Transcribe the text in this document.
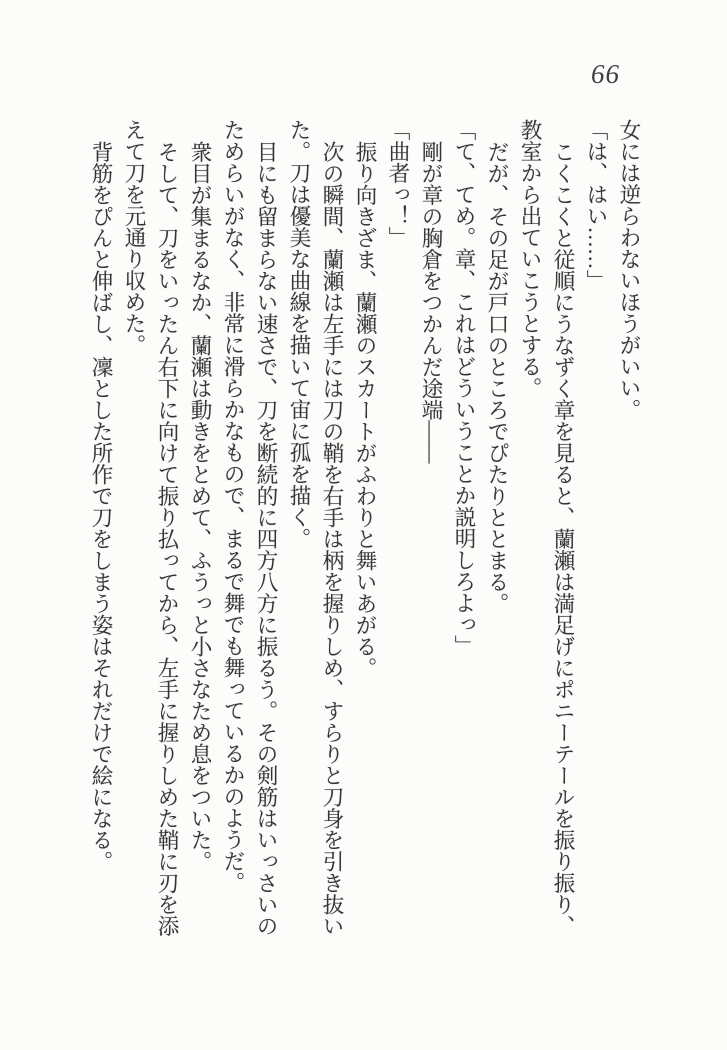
66

女には逆らわないほうがいい。

「は、はい……」

こくこくと従順にうなずく章を見ると、蘭瀬は満足げにポニーテールを振り振り、

教室から出ていこうとする。

だが、その足が戸口のところでぴたりととまる。

「て、てめ。章、これはどういうことか説明しろよっ」

剛が章の胸倉をつかんだ途端――

「曲者っ！」

振り向きざま、蘭瀬のスカートがふわりと舞いあがる。

次の瞬間、蘭瀬は左手には刀の鞘を右手は柄を握りしめ、すらりと刀身を引き抜い

た。刀は優美な曲線を描いて宙に孤を描く。

目にも留まらない速さで、刀を断続的に四方八方に振るう。その剣筋はいっさいの

ためらいがなく、非常に滑らかなもので、まるで舞でも舞っているかのようだ。

衆目が集まるなか、蘭瀬は動きをとめて、ふうっと小さなため息をついた。

そして、刀をいったん右下に向けて振り払ってから、左手に握りしめた鞘に刃を添

えて刀を元通り収めた。

背筋をぴんと伸ばし、凜とした所作で刀をしまう姿はそれだけで絵になる。
